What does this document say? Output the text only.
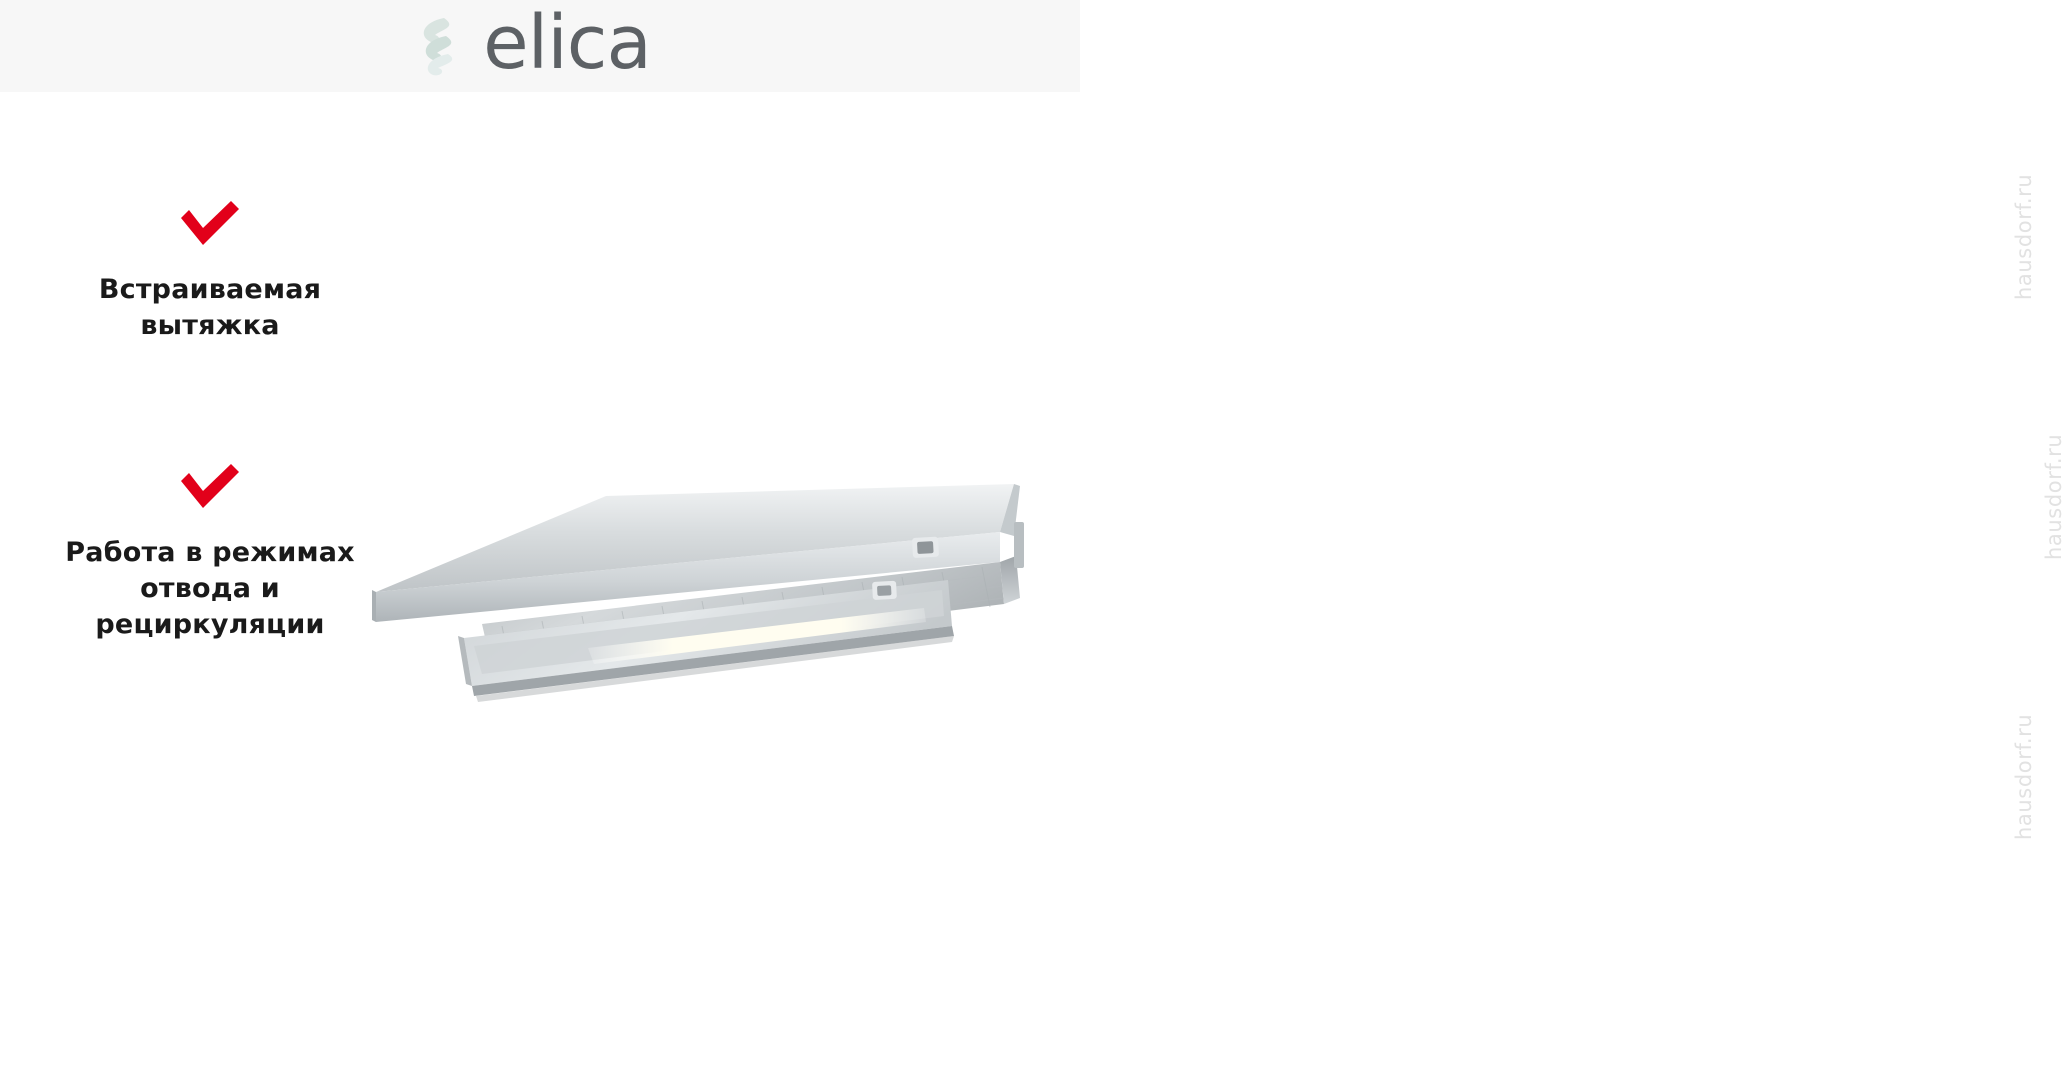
elica
Встраиваемая вытяжка
Работа в режимах отвода и рециркуляции
hausdorf.ru
hausdorf.ru
hausdorf.ru
